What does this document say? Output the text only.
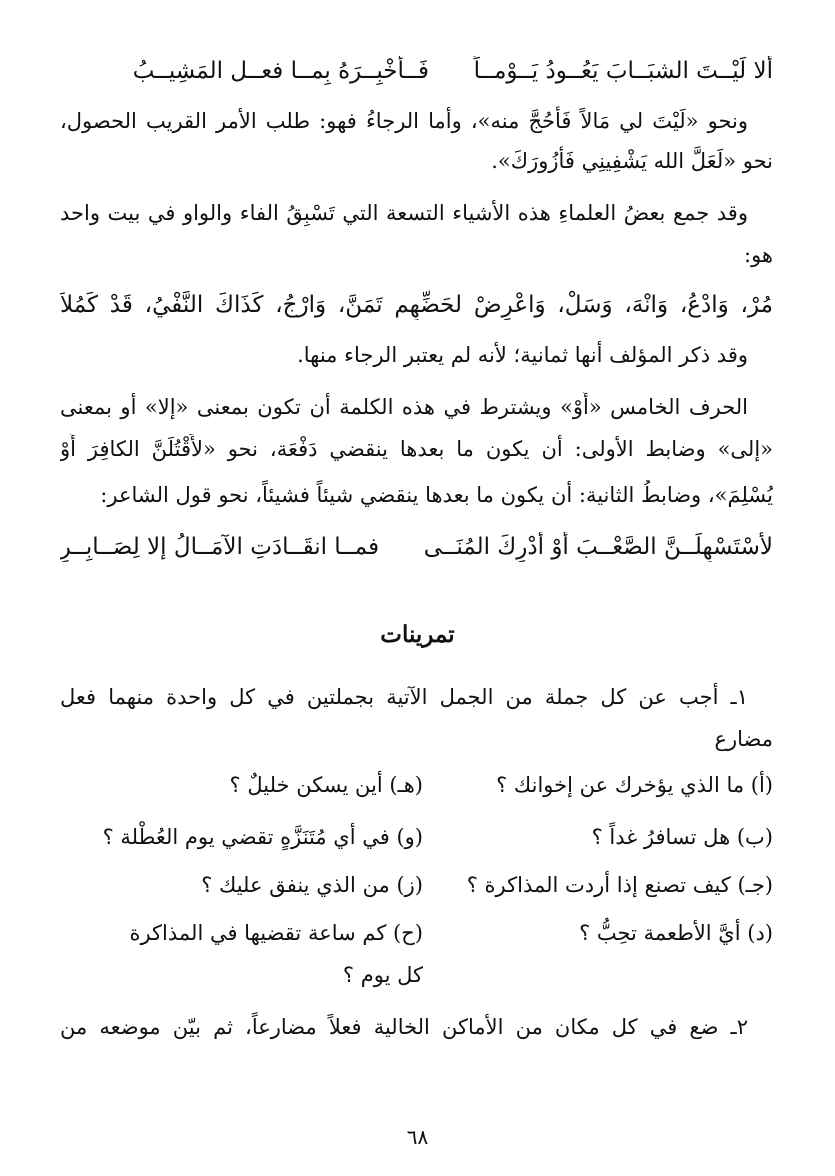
أَلا لَيْــتَ الشبَــابَ يَعُــودُ يَــوْمــاً  فَــأُخْبِــرَهُ بِمــا فعــل المَشِيــبُ
ونحو «لَيْتَ لي مَالاً فَأَحُجَّ منه»، وأما الرجاءُ فهو: طلب الأمر القريب الحصول،
نحو «لَعَلَّ الله يَشْفِينِي فَأَزُورَكَ».
وقد جمع بعضُ العلماءِ هذه الأشياء التسعة التي تَسْبِقُ الفاء والواو في بيت واحد
هو:
مُرْ، وَادْعُ، وَانْهَ، وَسَلْ، وَاعْرِضْ لحَضِّهِم تَمَنَّ، وَارْجُ، كَذَاكَ النَّفْيُ، قَدْ كَمُلاَ
وقد ذكر المؤلف أنها ثمانية؛ لأنه لم يعتبر الرجاء منها.
الحرف الخامس «أَوْ» ويشترط في هذه الكلمة أن تكون بمعنى «إلا» أو بمعنى
«إلى» وضابط الأولى: أن يكون ما بعدها ينقضي دَفْعَة، نحو «لأَقْتُلَنَّ الكافِرَ أَوْ
يُسْلِمَ»، وضابطُ الثانية: أن يكون ما بعدها ينقضي شيئاً فشيئاً، نحو قول الشاعر:
لأَسْتَسْهِلَــنَّ الصَّعْــبَ أَوْ أُدْرِكَ المُنَــى  فمــا انقَــادَتِ الآمَــالُ إلا لِصَــابِــرِ
تمرينات
١ـ أجب عن كل جملة من الجمل الآتية بجملتين في كل واحدة منهما فعل
مضارع
(أ) ما الذي يؤخرك عن إخوانك ؟
(هـ) أين يسكن خليلٌ ؟
(ب) هل تسافرُ غداً ؟
(و) في أي مُتَنَزَّهٍ تقضي يوم العُطْلة ؟
(جـ) كيف تصنع إذا أردت المذاكرة ؟
(ز) من الذي ينفق عليك ؟
(د) أيَّ الأطعمة تحِبُّ ؟
(ح) كم ساعة تقضيها في المذاكرة
كل يوم ؟
٢ـ ضع في كل مكان من الأماكن الخالية فعلاً مضارعاً، ثم بيّن موضعه من
٦٨
